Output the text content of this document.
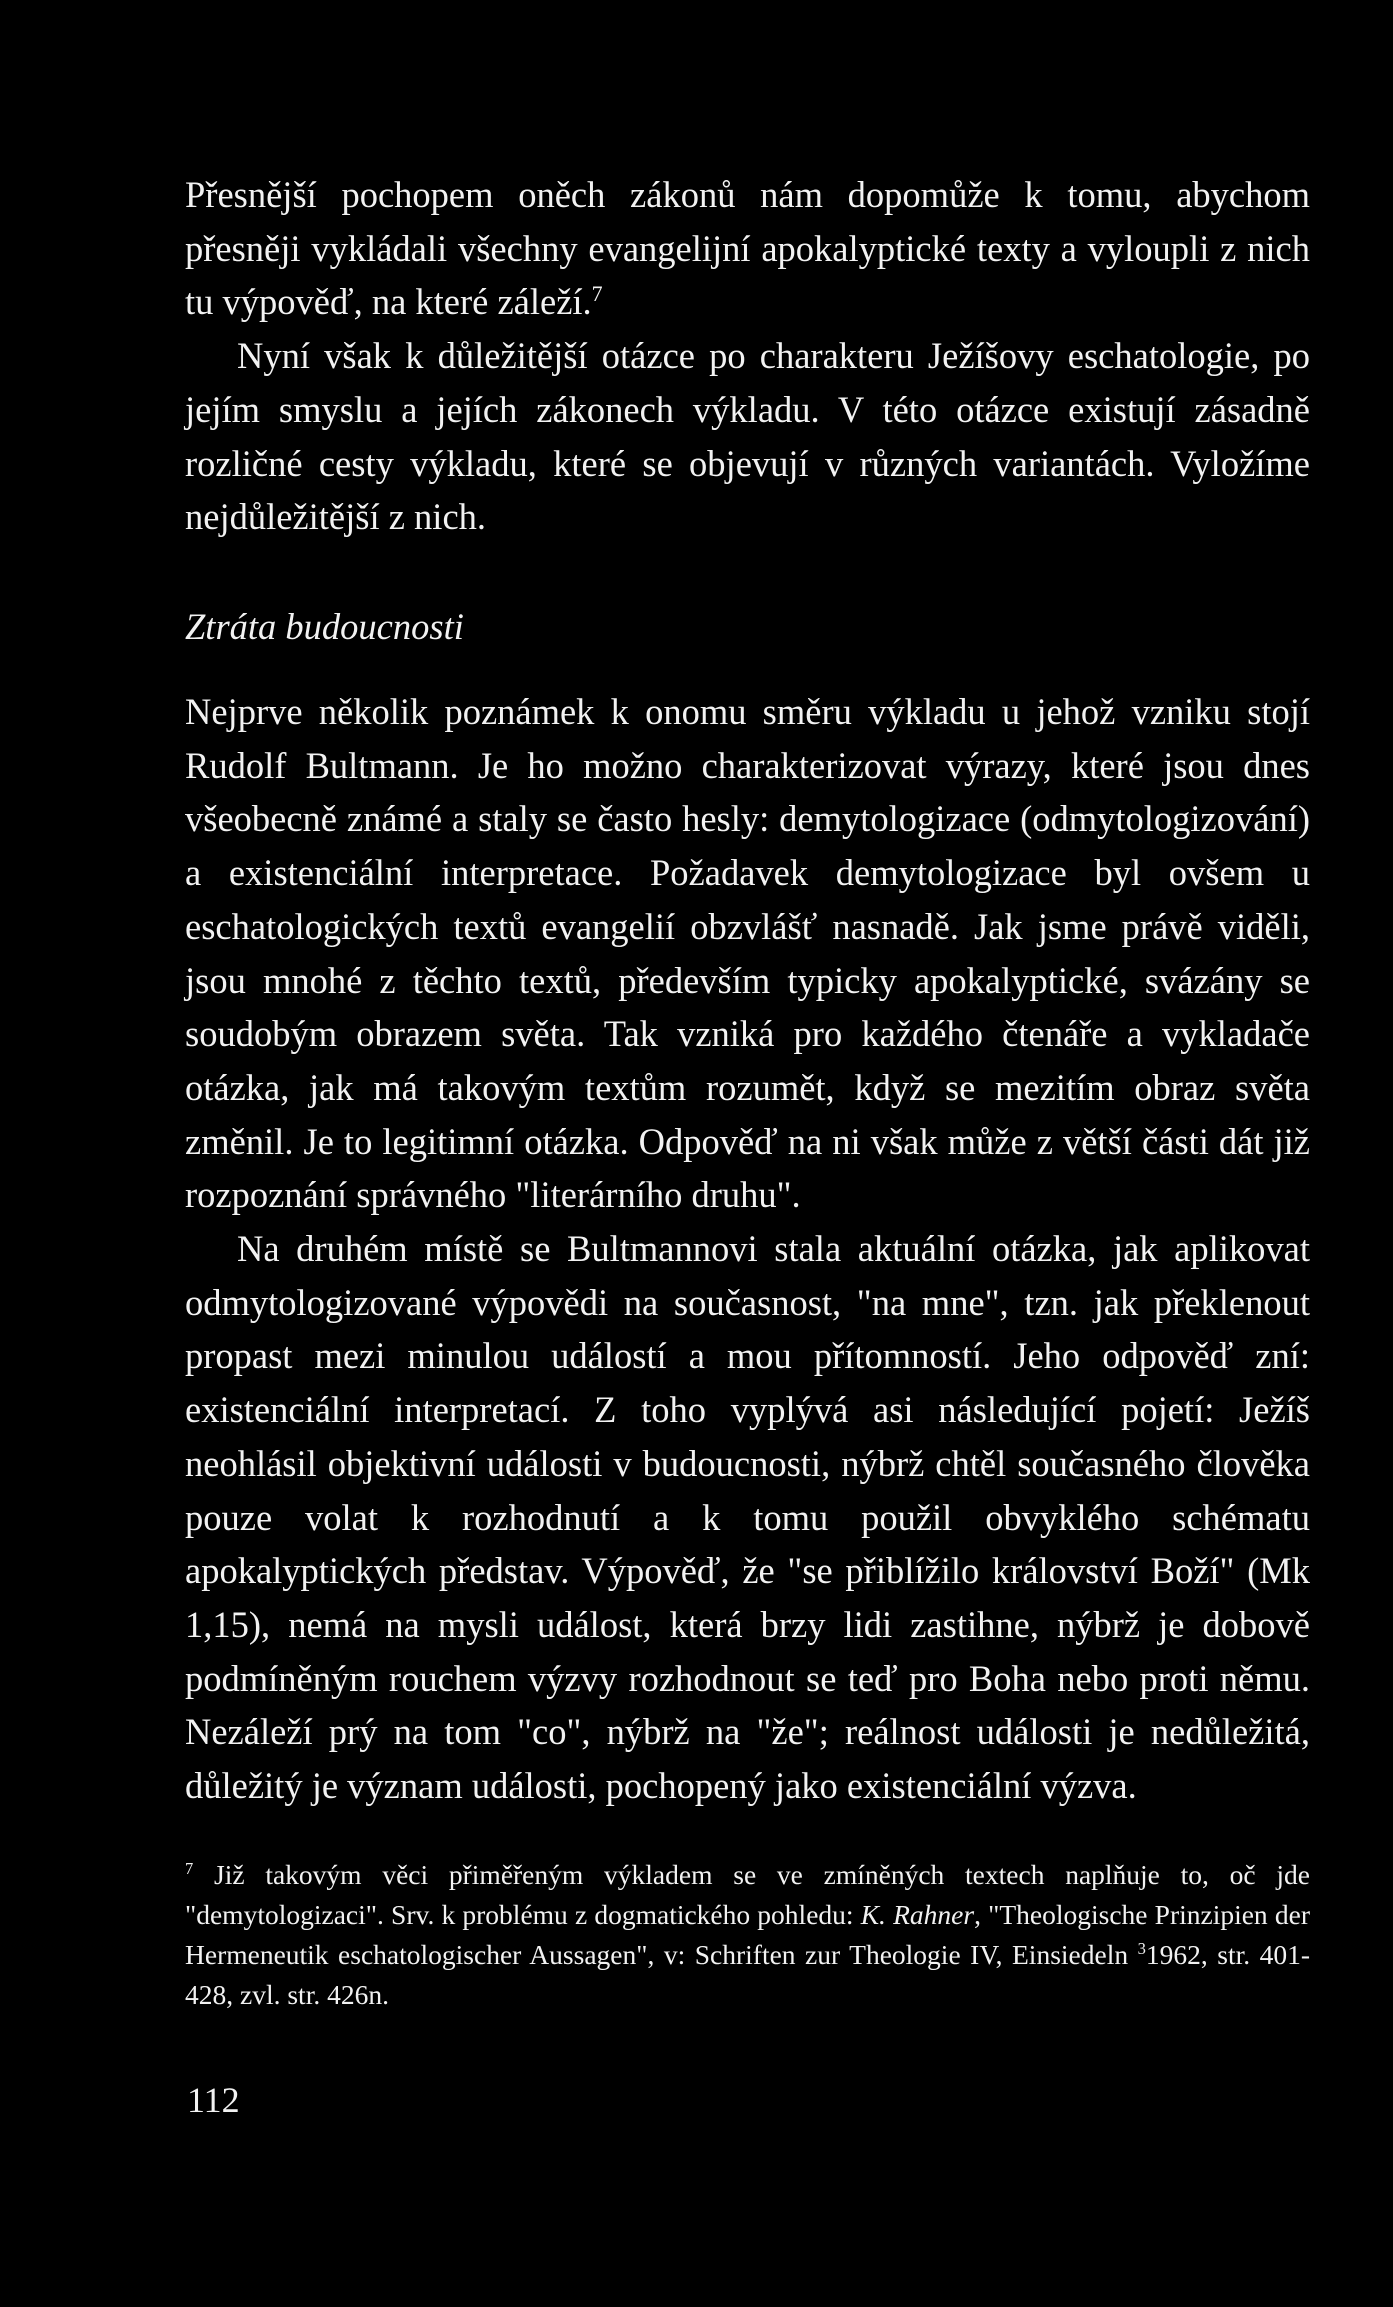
Přesnější pochopem oněch zákonů nám dopomůže k tomu, abychom přesněji vykládali všechny evangelijní apokalyptické texty a vyloupli z nich tu výpověď, na které záleží.$^7$

Nyní však k důležitější otázce po charakteru Ježíšovy eschatologie, po jejím smyslu a jejích zákonech výkladu. V této otázce existují zásadně rozličné cesty výkladu, které se objevují v různých variantách. Vyložíme nejdůležitější z nich.

Ztráta budoucnosti

Nejprve několik poznámek k onomu směru výkladu u jehož vzniku stojí Rudolf Bultmann. Je ho možno charakterizovat výrazy, které jsou dnes všeobecně známé a staly se často hesly: demytologizace (odmytologizování) a existenciální interpretace. Požadavek demytologizace byl ovšem u eschatologických textů evangelií obzvlášť nasnadě. Jak jsme právě viděli, jsou mnohé z těchto textů, především typicky apokalyptické, svázány se soudobým obrazem světa. Tak vzniká pro každého čtenáře a vykladače otázka, jak má takovým textům rozumět, když se mezitím obraz světa změnil. Je to legitimní otázka. Odpověď na ni však může z větší části dát již rozpoznání správného "literárního druhu".

Na druhém místě se Bultmannovi stala aktuální otázka, jak aplikovat odmytologizované výpovědi na současnost, "na mne", tzn. jak překlenout propast mezi minulou událostí a mou přítomností. Jeho odpověď zní: existenciální interpretací. Z toho vyplývá asi následující pojetí: Ježíš neohlásil objektivní události v budoucnosti, nýbrž chtěl současného člověka pouze volat k rozhodnutí a k tomu použil obvyklého schématu apokalyptických představ. Výpověď, že "se přiblížilo království Boží" (Mk 1,15), nemá na mysli událost, která brzy lidi zastihne, nýbrž je dobově podmíněným rouchem výzvy rozhodnout se teď pro Boha nebo proti němu. Nezáleží prý na tom "co", nýbrž na "že"; reálnost události je nedůležitá, důležitý je význam události, pochopený jako existenciální výzva.

$^7$ Již takovým věci přiměřeným výkladem se ve zmíněných textech naplňuje to, oč jde "demytologizaci". Srv. k problému z dogmatického pohledu: K. Rahner, "Theologische Prinzipien der Hermeneutik eschatologischer Aussagen", v: Schriften zur Theologie IV, Einsiedeln $^3$1962, str. 401- 428, zvl. str. 426n.

112
